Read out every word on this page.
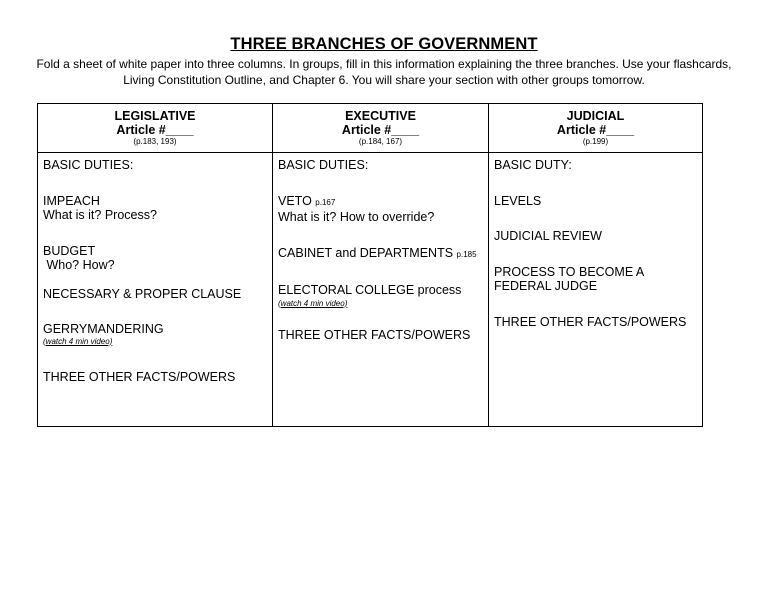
THREE BRANCHES OF GOVERNMENT
Fold a sheet of white paper into three columns. In groups, fill in this information explaining the three branches. Use your flashcards,
Living Constitution Outline, and Chapter 6. You will share your section with other groups tomorrow.
LEGISLATIVE
Article #____
(p.183, 193)
EXECUTIVE
Article #____
(p.184, 167)
JUDICIAL
Article #____
(p.199)
BASIC DUTIES:
IMPEACH
What is it? Process?
BUDGET
Who? How?
NECESSARY & PROPER CLAUSE
GERRYMANDERING
(watch 4 min video)
THREE OTHER FACTS/POWERS
BASIC DUTIES:
VETO p.167
What is it? How to override?
CABINET and DEPARTMENTS p.185
ELECTORAL COLLEGE process
(watch 4 min video)
THREE OTHER FACTS/POWERS
BASIC DUTY:
LEVELS
JUDICIAL REVIEW
PROCESS TO BECOME A
FEDERAL JUDGE
THREE OTHER FACTS/POWERS
